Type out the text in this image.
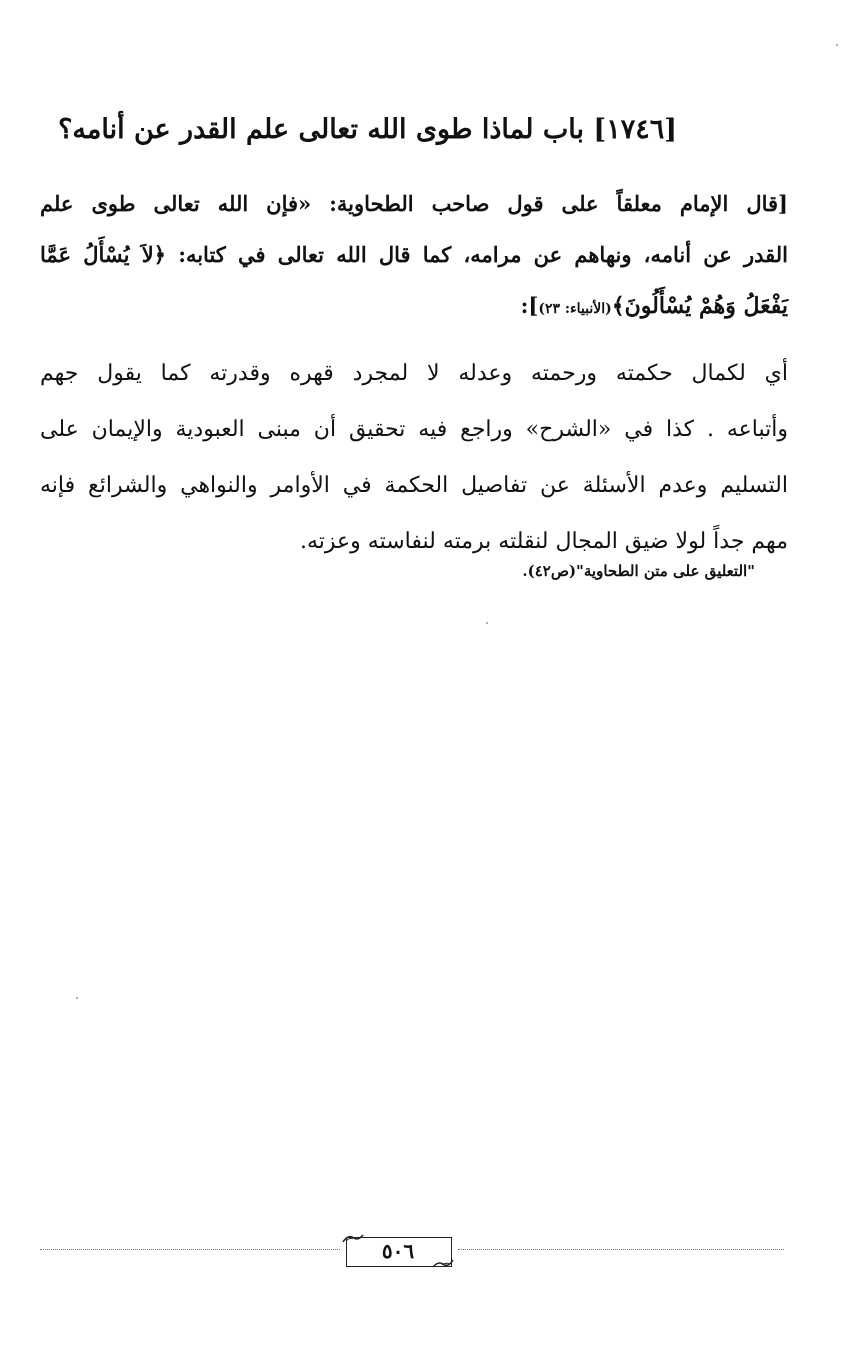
[١٧٤٦] باب لماذا طوى الله تعالى علم القدر عن أنامه؟
[قال الإمام معلقاً على قول صاحب الطحاوية: «فإن الله تعالى طوى علم
القدر عن أنامه، ونهاهم عن مرامه، كما قال الله تعالى في كتابه: ﴿لاَ يُسْأَلُ عَمَّا
يَفْعَلُ وَهُمْ يُسْأَلُونَ﴾(الأنبياء: ٢٣)]:
أي لكمال حكمته ورحمته وعدله لا لمجرد قهره وقدرته كما يقول جهم
وأتباعه . كذا في «الشرح» وراجع فيه تحقيق أن مبنى العبودية والإيمان على
التسليم وعدم الأسئلة عن تفاصيل الحكمة في الأوامر والنواهي والشرائع فإنه
مهم جداً لولا ضيق المجال لنقلته برمته لنفاسته وعزته.
"التعليق على متن الطحاوية"(ص٤٢).
٥٠٦
